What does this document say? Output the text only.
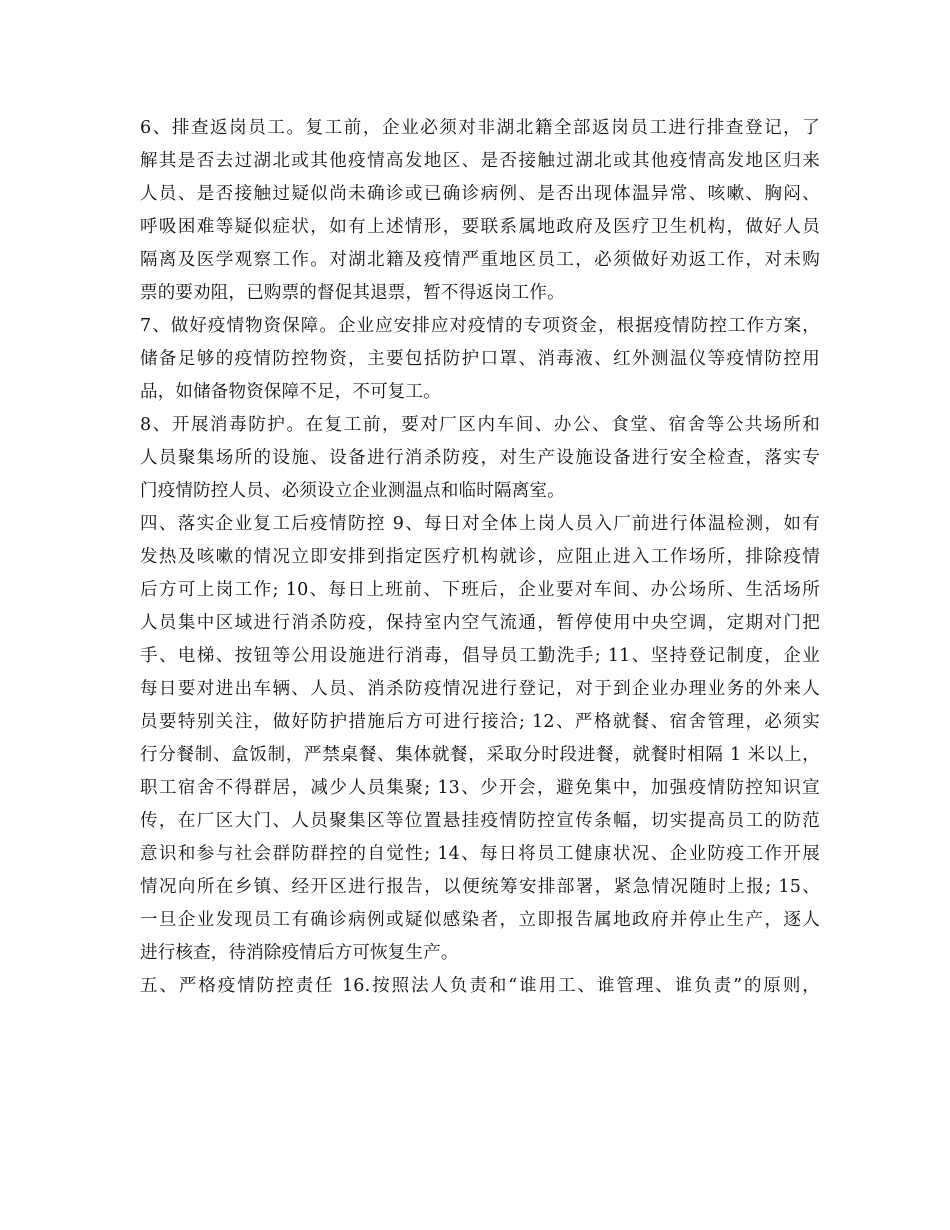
6、排查返岗员工。复工前，企业必须对非湖北籍全部返岗员工进行排查登记，了
解其是否去过湖北或其他疫情高发地区、是否接触过湖北或其他疫情高发地区归来
人员、是否接触过疑似尚未确诊或已确诊病例、是否出现体温异常、咳嗽、胸闷、
呼吸困难等疑似症状，如有上述情形，要联系属地政府及医疗卫生机构，做好人员
隔离及医学观察工作。对湖北籍及疫情严重地区员工，必须做好劝返工作，对未购
票的要劝阻，已购票的督促其退票，暂不得返岗工作。
7、做好疫情物资保障。企业应安排应对疫情的专项资金，根据疫情防控工作方案，
储备足够的疫情防控物资，主要包括防护口罩、消毒液、红外测温仪等疫情防控用
品，如储备物资保障不足，不可复工。
8、开展消毒防护。在复工前，要对厂区内车间、办公、食堂、宿舍等公共场所和
人员聚集场所的设施、设备进行消杀防疫，对生产设施设备进行安全检查，落实专
门疫情防控人员、必须设立企业测温点和临时隔离室。
四、落实企业复工后疫情防控 9、每日对全体上岗人员入厂前进行体温检测，如有
发热及咳嗽的情况立即安排到指定医疗机构就诊，应阻止进入工作场所，排除疫情
后方可上岗工作; 10、每日上班前、下班后，企业要对车间、办公场所、生活场所
人员集中区域进行消杀防疫，保持室内空气流通，暂停使用中央空调，定期对门把
手、电梯、按钮等公用设施进行消毒，倡导员工勤洗手; 11、坚持登记制度，企业
每日要对进出车辆、人员、消杀防疫情况进行登记，对于到企业办理业务的外来人
员要特别关注，做好防护措施后方可进行接洽; 12、严格就餐、宿舍管理，必须实
行分餐制、盒饭制，严禁桌餐、集体就餐，采取分时段进餐，就餐时相隔 1 米以上，
职工宿舍不得群居，减少人员集聚; 13、少开会，避免集中，加强疫情防控知识宣
传，在厂区大门、人员聚集区等位置悬挂疫情防控宣传条幅，切实提高员工的防范
意识和参与社会群防群控的自觉性; 14、每日将员工健康状况、企业防疫工作开展
情况向所在乡镇、经开区进行报告，以便统筹安排部署，紧急情况随时上报; 15、
一旦企业发现员工有确诊病例或疑似感染者，立即报告属地政府并停止生产，逐人
进行核查，待消除疫情后方可恢复生产。
五、严格疫情防控责任 16.按照法人负责和“谁用工、谁管理、谁负责”的原则，
